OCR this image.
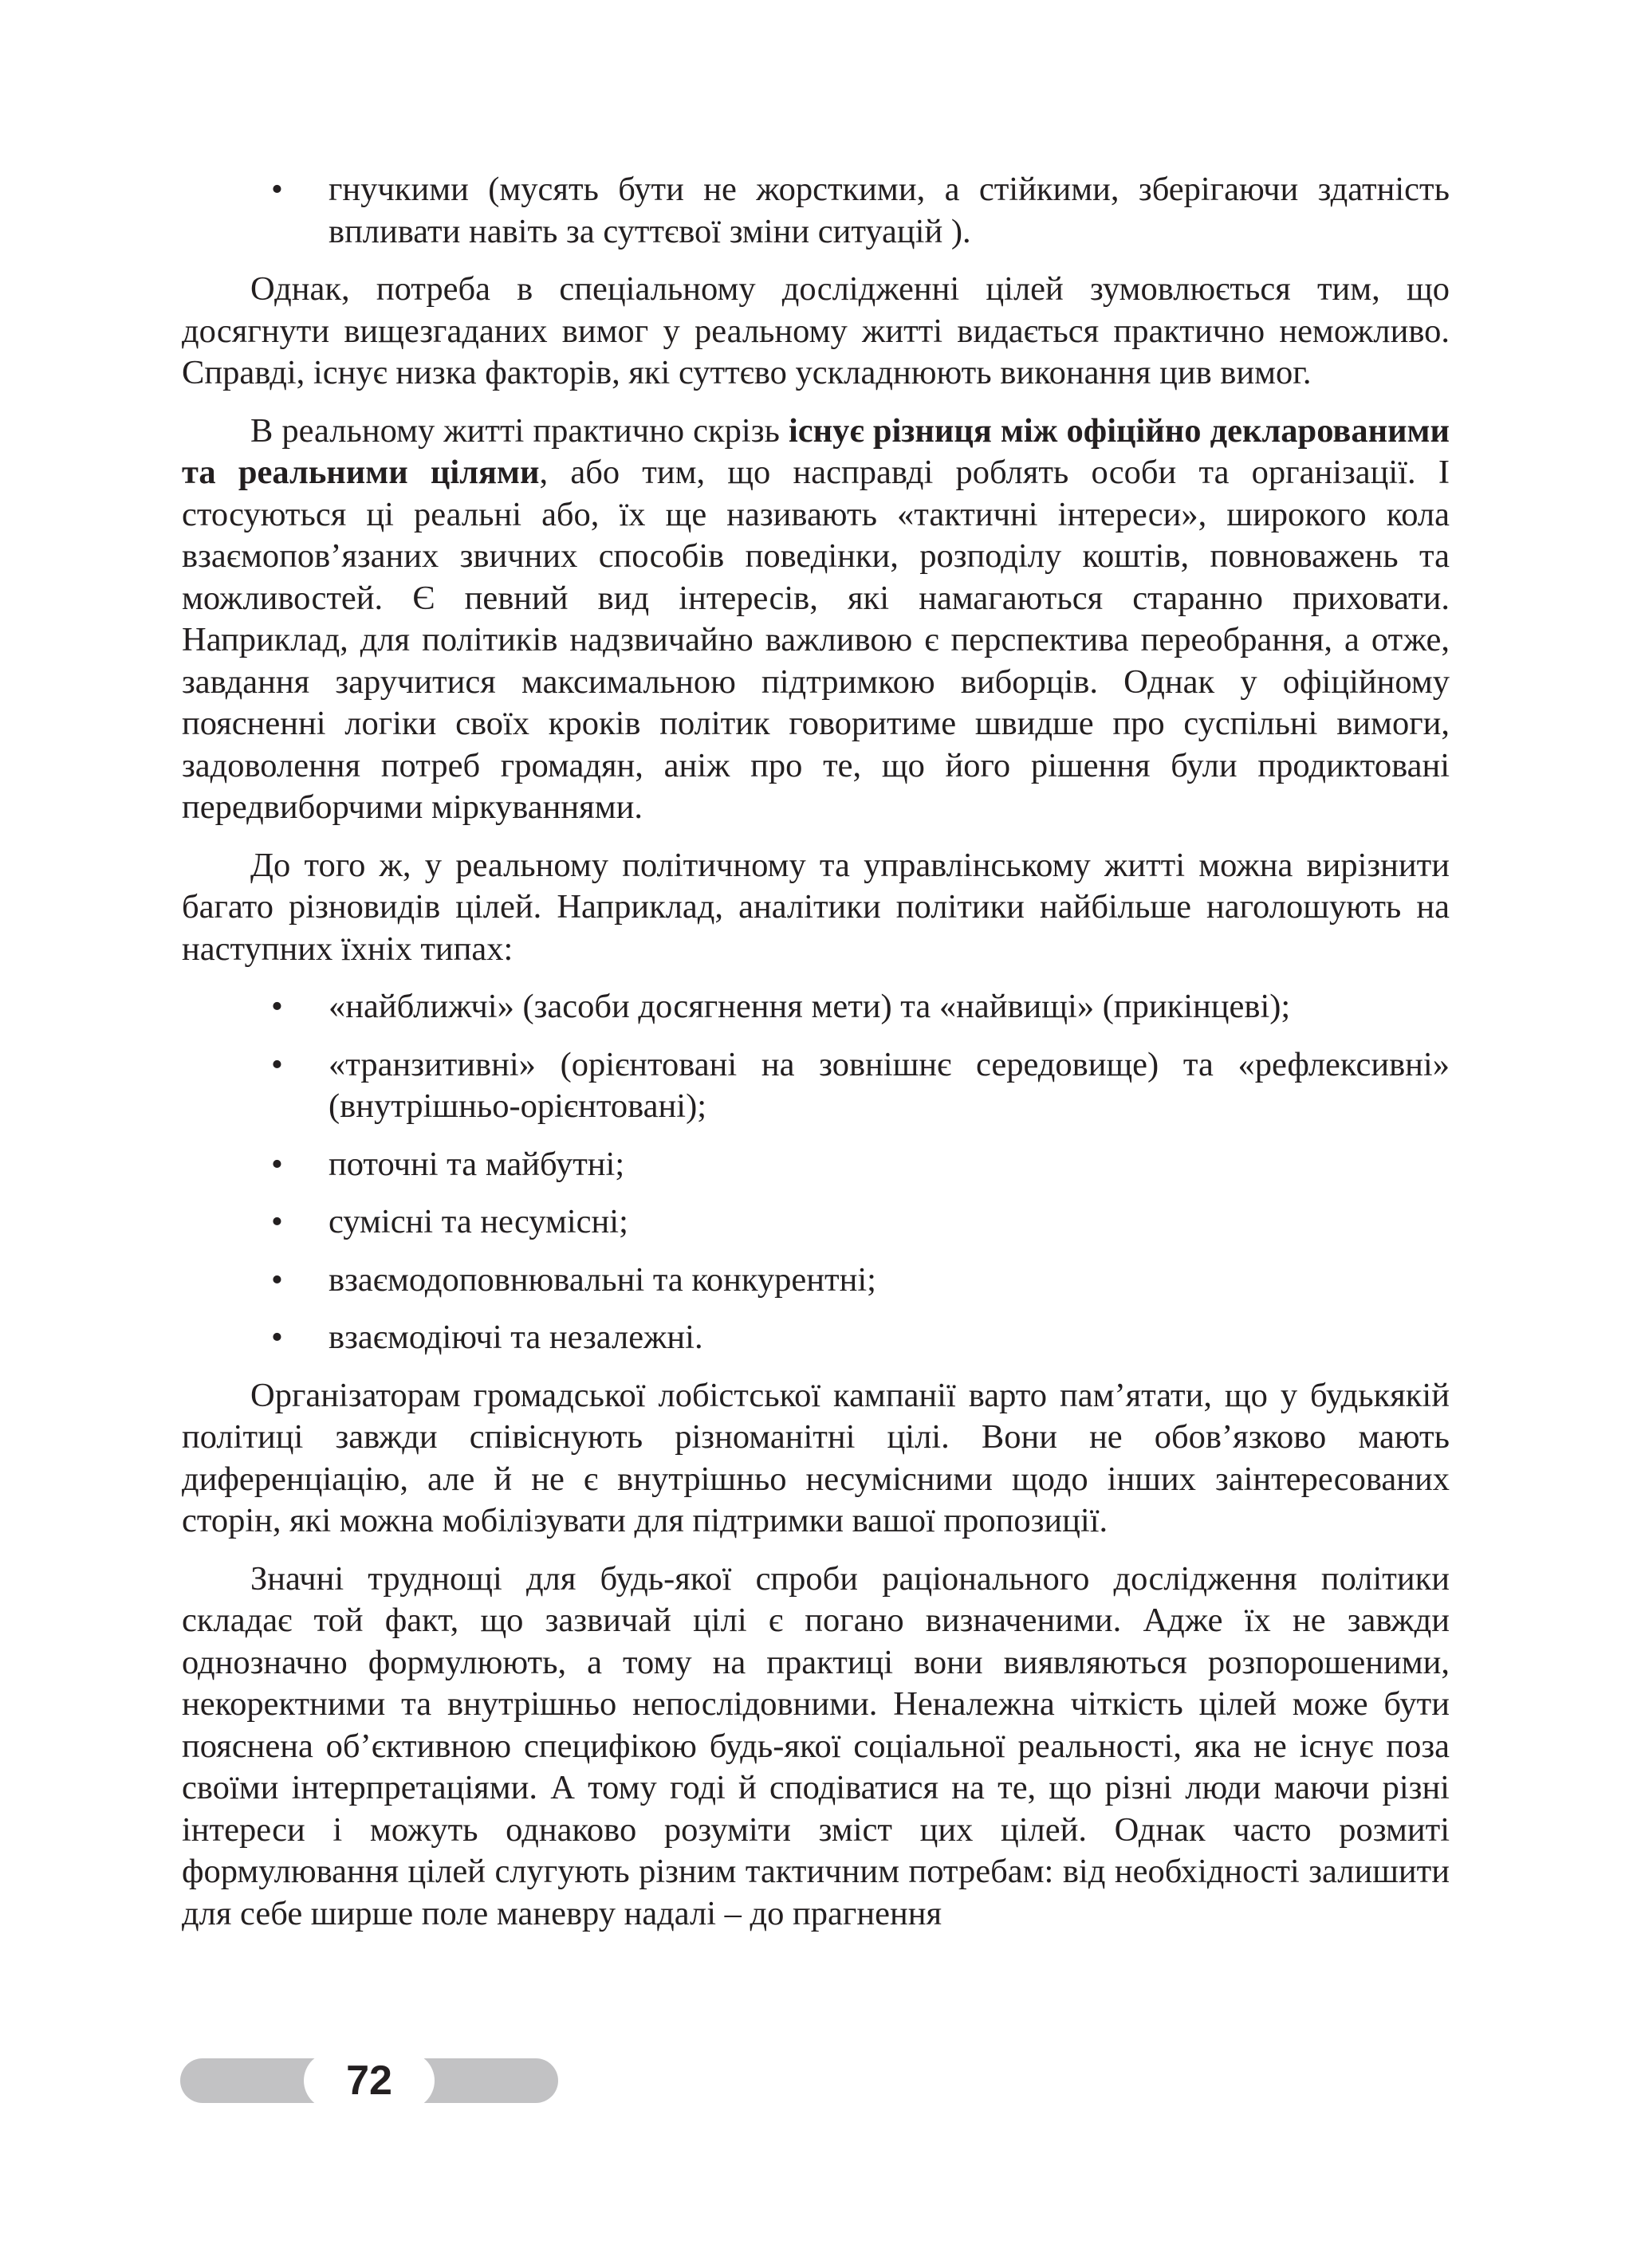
• гнучкими (мусять бути не жорсткими, а стійкими, зберігаючи здатність впливати навіть за суттєвої зміни ситуацій ).

Однак, потреба в спеціальному дослідженні цілей зумовлюється тим, що досягнути вищезгаданих вимог у реальному житті видається практично неможливо. Справді, існує низка факторів, які суттєво ускладнюють виконання цив вимог.

В реальному житті практично скрізь існує різниця між офіційно декларованими та реальними цілями, або тим, що насправді роблять особи та організації. І стосуються ці реальні або, їх ще називають «тактичні інтереси», широкого кола взаємопов’язаних звичних способів поведінки, розподілу коштів, повноважень та можливостей. Є певний вид інтересів, які намагаються старанно приховати. Наприклад, для політиків надзвичайно важливою є перспектива переобрання, а отже, завдання заручитися максимальною підтримкою виборців. Однак у офіційному поясненні логіки своїх кроків політик говоритиме швидше про суспільні вимоги, задоволення потреб громадян, аніж про те, що його рішення були продиктовані передвиборчими міркуваннями.

До того ж, у реальному політичному та управлінському житті можна вирізнити багато різновидів цілей. Наприклад, аналітики політики найбільше наголошують на наступних їхніх типах:

• «найближчі» (засоби досягнення мети) та «найвищі» (прикінцеві);
• «транзитивні» (орієнтовані на зовнішнє середовище) та «рефлексивні» (внутрішньо-орієнтовані);
• поточні та майбутні;
• сумісні та несумісні;
• взаємодоповнювальні та конкурентні;
• взаємодіючі та незалежні.

Організаторам громадської лобістської кампанії варто пам’ятати, що у будькякій політиці завжди співіснують різноманітні цілі. Вони не обов’язково мають диференціацію, але й не є внутрішньо несумісними щодо інших заінтересованих сторін, які можна мобілізувати для підтримки вашої пропозиції.

Значні труднощі для будь-якої спроби раціонального дослідження політики складає той факт, що зазвичай цілі є погано визначеними. Адже їх не завжди однозначно формулюють, а тому на практиці вони виявляються розпорошеними, некоректними та внутрішньо непослідовними. Неналежна чіткість цілей може бути пояснена об’єктивною специфікою будь-якої соціальної реальності, яка не існує поза своїми інтерпретаціями. А тому годі й сподіватися на те, що різні люди маючи різні інтереси і можуть однаково розуміти зміст цих цілей. Однак часто розмиті формулювання цілей слугують різним тактичним потребам: від необхідності залишити для себе ширше поле маневру надалі – до прагнення

72
